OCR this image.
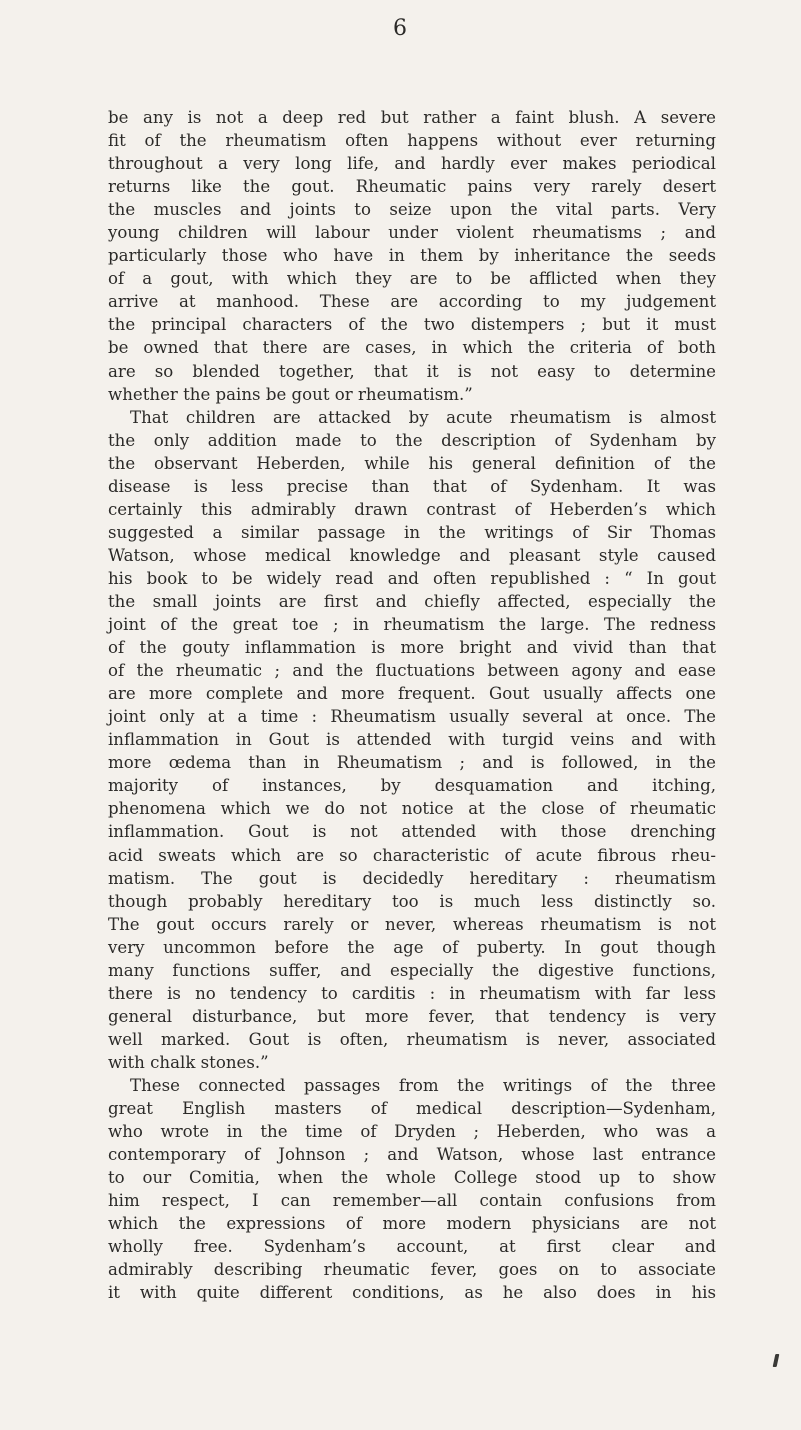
6
be any is not a deep red but rather a faint blush. A severe
fit of the rheumatism often happens without ever returning
throughout a very long life, and hardly ever makes periodical
returns like the gout. Rheumatic pains very rarely desert
the muscles and joints to seize upon the vital parts. Very
young children will labour under violent rheumatisms ; and
particularly those who have in them by inheritance the seeds
of a gout, with which they are to be afflicted when they
arrive at manhood. These are according to my judgement
the principal characters of the two distempers ; but it must
be owned that there are cases, in which the criteria of both
are so blended together, that it is not easy to determine
whether the pains be gout or rheumatism.”
That children are attacked by acute rheumatism is almost
the only addition made to the description of Sydenham by
the observant Heberden, while his general definition of the
disease is less precise than that of Sydenham. It was
certainly this admirably drawn contrast of Heberden’s which
suggested a similar passage in the writings of Sir Thomas
Watson, whose medical knowledge and pleasant style caused
his book to be widely read and often republished : “ In gout
the small joints are first and chiefly affected, especially the
joint of the great toe ; in rheumatism the large. The redness
of the gouty inflammation is more bright and vivid than that
of the rheumatic ; and the fluctuations between agony and ease
are more complete and more frequent. Gout usually affects one
joint only at a time : Rheumatism usually several at once. The
inflammation in Gout is attended with turgid veins and with
more œdema than in Rheumatism ; and is followed, in the
majority of instances, by desquamation and itching,
phenomena which we do not notice at the close of rheumatic
inflammation. Gout is not attended with those drenching
acid sweats which are so characteristic of acute fibrous rheu-
matism. The gout is decidedly hereditary : rheumatism
though probably hereditary too is much less distinctly so.
The gout occurs rarely or never, whereas rheumatism is not
very uncommon before the age of puberty. In gout though
many functions suffer, and especially the digestive functions,
there is no tendency to carditis : in rheumatism with far less
general disturbance, but more fever, that tendency is very
well marked. Gout is often, rheumatism is never, associated
with chalk stones.”
These connected passages from the writings of the three
great English masters of medical description—Sydenham,
who wrote in the time of Dryden ; Heberden, who was a
contemporary of Johnson ; and Watson, whose last entrance
to our Comitia, when the whole College stood up to show
him respect, I can remember—all contain confusions from
which the expressions of more modern physicians are not
wholly free. Sydenham’s account, at first clear and
admirably describing rheumatic fever, goes on to associate
it with quite different conditions, as he also does in his
